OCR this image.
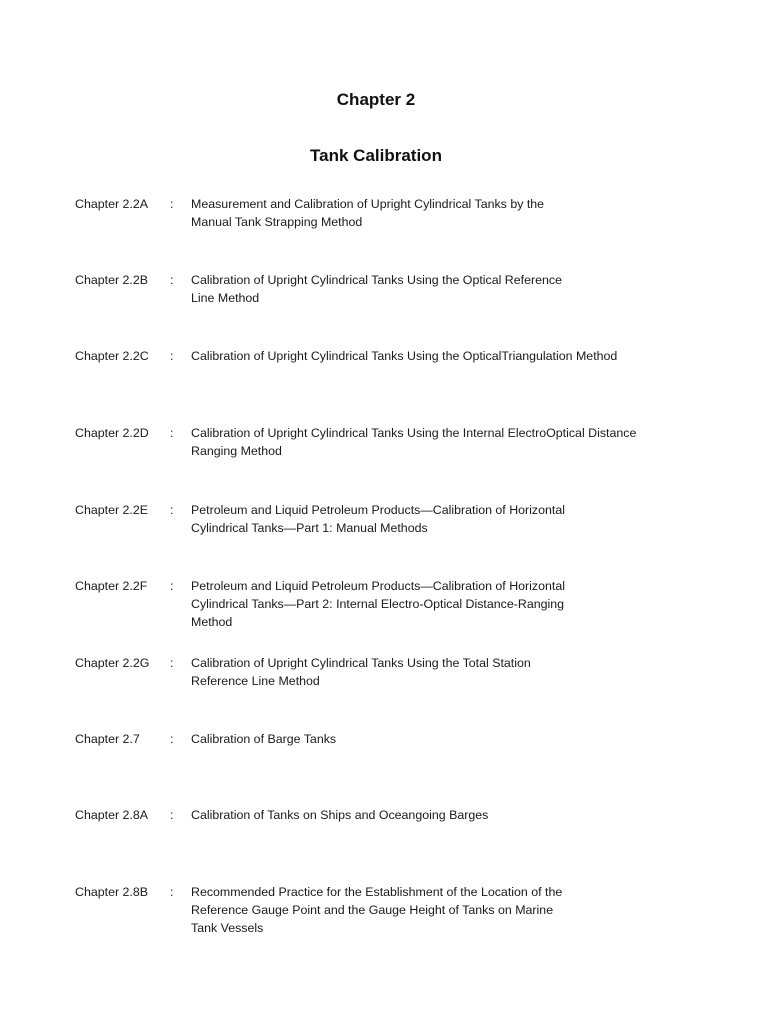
Chapter 2
Tank Calibration
Chapter 2.2A	: Measurement and Calibration of Upright Cylindrical Tanks by the
Manual Tank Strapping Method
Chapter 2.2B	: Calibration of Upright Cylindrical Tanks Using the Optical Reference
Line Method
Chapter 2.2C	: Calibration of Upright Cylindrical Tanks Using the OpticalTriangulation Method
Chapter 2.2D	: Calibration of Upright Cylindrical Tanks Using the Internal ElectroOptical Distance
Ranging Method
Chapter 2.2E	: Petroleum and Liquid Petroleum Products—Calibration of Horizontal
Cylindrical Tanks—Part 1: Manual Methods
Chapter 2.2F	: Petroleum and Liquid Petroleum Products—Calibration of Horizontal
Cylindrical Tanks—Part 2: Internal Electro-Optical Distance-Ranging
Method
Chapter 2.2G	: Calibration of Upright Cylindrical Tanks Using the Total Station
Reference Line Method
Chapter 2.7	: Calibration of Barge Tanks
Chapter 2.8A	: Calibration of Tanks on Ships and Oceangoing Barges
Chapter 2.8B	: Recommended Practice for the Establishment of the Location of the
Reference Gauge Point and the Gauge Height of Tanks on Marine
Tank Vessels
